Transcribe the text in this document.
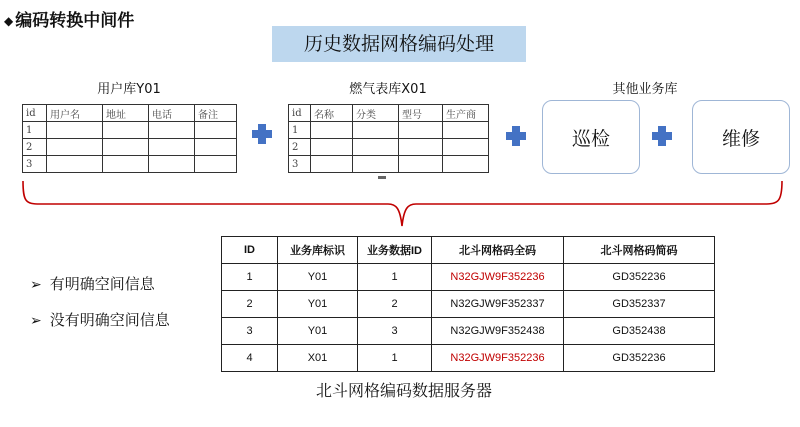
◆ 编码转换中间件
历史数据网格编码处理
用户库Y01
id	用户名	地址	电话	备注
1				
2				
3				
燃气表库X01
id	名称	分类	型号	生产商
1				
2				
3				
其他业务库
巡检	维修
➢ 有明确空间信息
➢ 没有明确空间信息
ID	业务库标识	业务数据ID	北斗网格码全码	北斗网格码简码
1	Y01	1	N32GJW9F352236	GD352236
2	Y01	2	N32GJW9F352337	GD352337
3	Y01	3	N32GJW9F352438	GD352438
4	X01	1	N32GJW9F352236	GD352236
北斗网格编码数据服务器
